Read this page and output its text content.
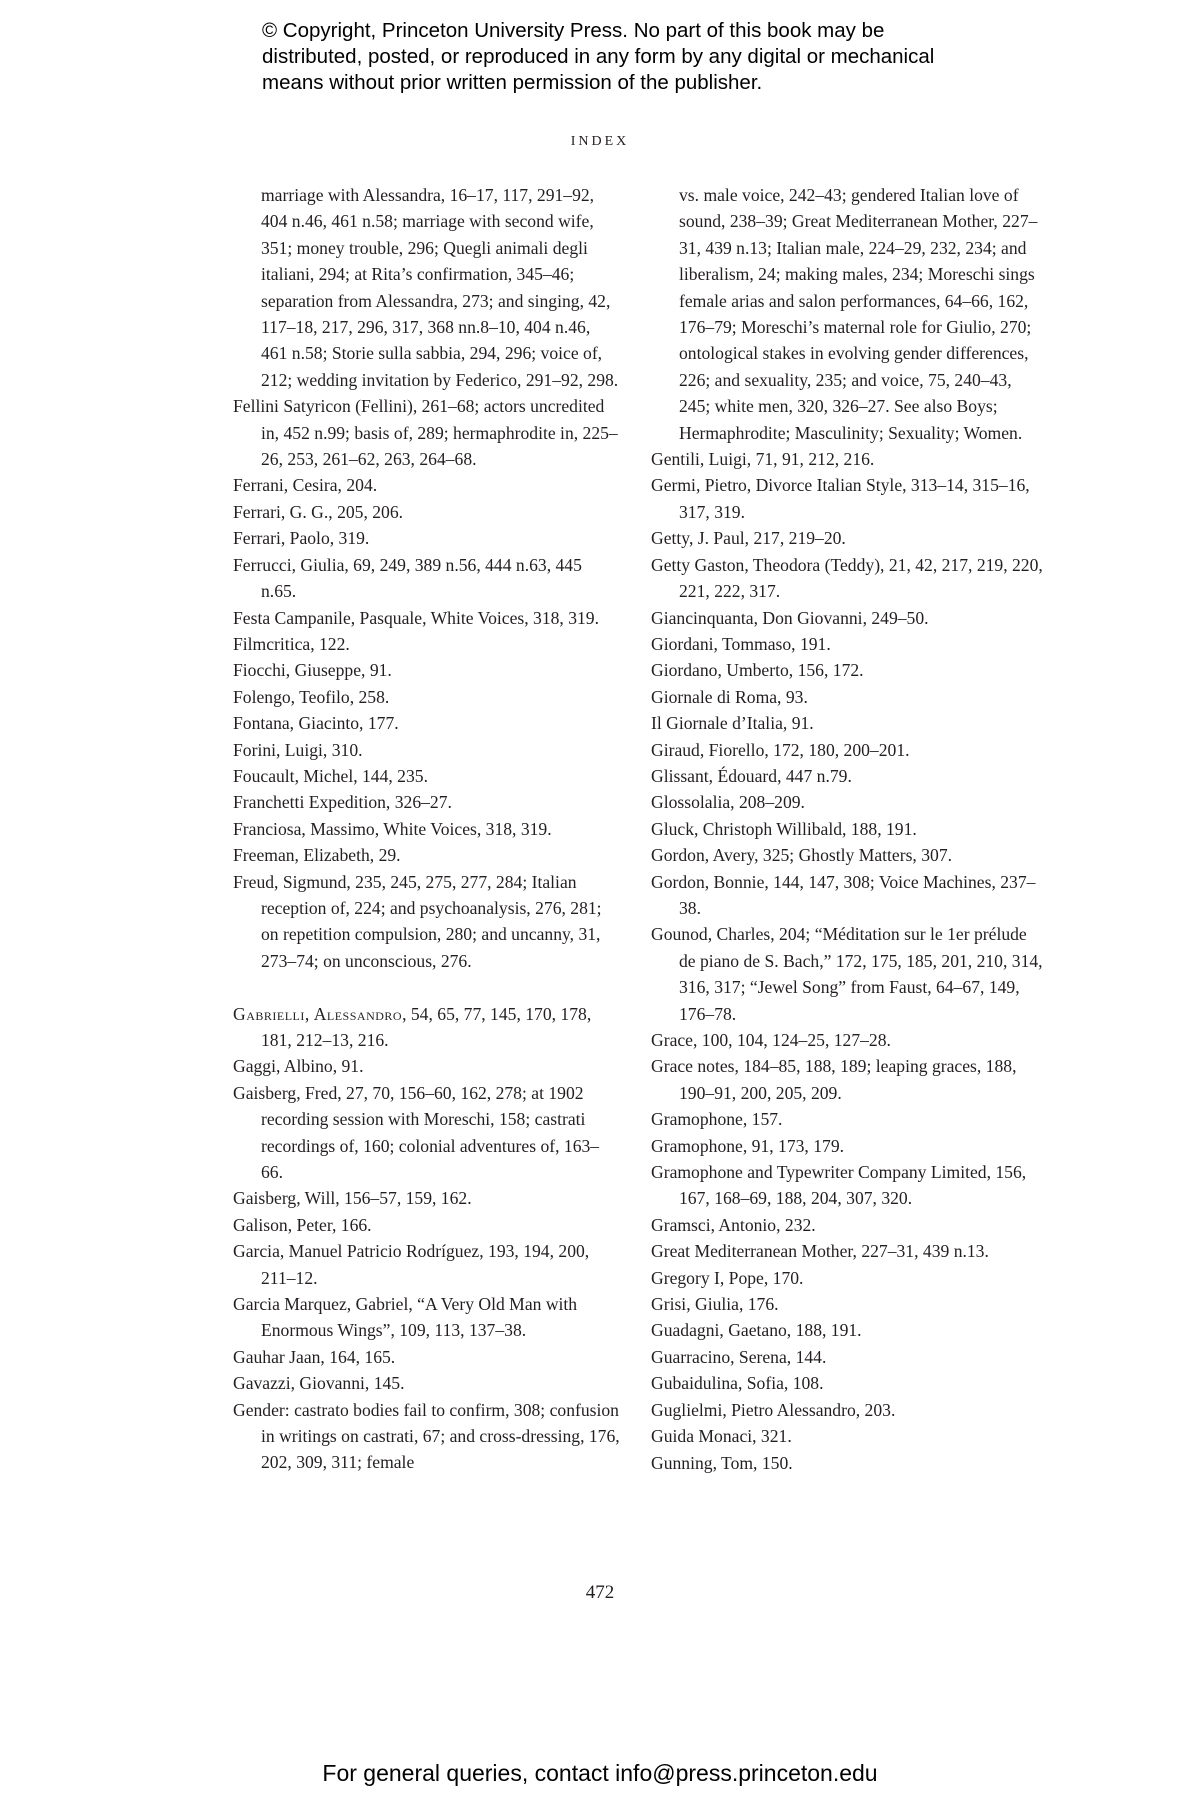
© Copyright, Princeton University Press. No part of this book may be
distributed, posted, or reproduced in any form by any digital or mechanical
means without prior written permission of the publisher.
INDEX
marriage with Alessandra, 16–17, 117, 291–92, 404 n.46, 461 n.58; marriage with second wife, 351; money trouble, 296; Quegli animali degli italiani, 294; at Rita’s confirmation, 345–46; separation from Alessandra, 273; and singing, 42, 117–18, 217, 296, 317, 368 nn.8–10, 404 n.46, 461 n.58; Storie sulla sabbia, 294, 296; voice of, 212; wedding invitation by Federico, 291–92, 298.
Fellini Satyricon (Fellini), 261–68; actors uncredited in, 452 n.99; basis of, 289; hermaphrodite in, 225–26, 253, 261–62, 263, 264–68.
Ferrani, Cesira, 204.
Ferrari, G. G., 205, 206.
Ferrari, Paolo, 319.
Ferrucci, Giulia, 69, 249, 389 n.56, 444 n.63, 445 n.65.
Festa Campanile, Pasquale, White Voices, 318, 319.
Filmcritica, 122.
Fiocchi, Giuseppe, 91.
Folengo, Teofilo, 258.
Fontana, Giacinto, 177.
Forini, Luigi, 310.
Foucault, Michel, 144, 235.
Franchetti Expedition, 326–27.
Franciosa, Massimo, White Voices, 318, 319.
Freeman, Elizabeth, 29.
Freud, Sigmund, 235, 245, 275, 277, 284; Italian reception of, 224; and psychoanalysis, 276, 281; on repetition compulsion, 280; and uncanny, 31, 273–74; on unconscious, 276.
Gabrielli, Alessandro, 54, 65, 77, 145, 170, 178, 181, 212–13, 216.
Gaggi, Albino, 91.
Gaisberg, Fred, 27, 70, 156–60, 162, 278; at 1902 recording session with Moreschi, 158; castrati recordings of, 160; colonial adventures of, 163–66.
Gaisberg, Will, 156–57, 159, 162.
Galison, Peter, 166.
Garcia, Manuel Patricio Rodríguez, 193, 194, 200, 211–12.
Garcia Marquez, Gabriel, “A Very Old Man with Enormous Wings”, 109, 113, 137–38.
Gauhar Jaan, 164, 165.
Gavazzi, Giovanni, 145.
Gender: castrato bodies fail to confirm, 308; confusion in writings on castrati, 67; and cross-dressing, 176, 202, 309, 311; female
vs. male voice, 242–43; gendered Italian love of sound, 238–39; Great Mediterranean Mother, 227–31, 439 n.13; Italian male, 224–29, 232, 234; and liberalism, 24; making males, 234; Moreschi sings female arias and salon performances, 64–66, 162, 176–79; Moreschi’s maternal role for Giulio, 270; ontological stakes in evolving gender differences, 226; and sexuality, 235; and voice, 75, 240–43, 245; white men, 320, 326–27. See also Boys; Hermaphrodite; Masculinity; Sexuality; Women.
Gentili, Luigi, 71, 91, 212, 216.
Germi, Pietro, Divorce Italian Style, 313–14, 315–16, 317, 319.
Getty, J. Paul, 217, 219–20.
Getty Gaston, Theodora (Teddy), 21, 42, 217, 219, 220, 221, 222, 317.
Giancinquanta, Don Giovanni, 249–50.
Giordani, Tommaso, 191.
Giordano, Umberto, 156, 172.
Giornale di Roma, 93.
Il Giornale d’Italia, 91.
Giraud, Fiorello, 172, 180, 200–201.
Glissant, Édouard, 447 n.79.
Glossolalia, 208–209.
Gluck, Christoph Willibald, 188, 191.
Gordon, Avery, 325; Ghostly Matters, 307.
Gordon, Bonnie, 144, 147, 308; Voice Machines, 237–38.
Gounod, Charles, 204; “Méditation sur le 1er prélude de piano de S. Bach,” 172, 175, 185, 201, 210, 314, 316, 317; “Jewel Song” from Faust, 64–67, 149, 176–78.
Grace, 100, 104, 124–25, 127–28.
Grace notes, 184–85, 188, 189; leaping graces, 188, 190–91, 200, 205, 209.
Gramophone, 157.
Gramophone, 91, 173, 179.
Gramophone and Typewriter Company Limited, 156, 167, 168–69, 188, 204, 307, 320.
Gramsci, Antonio, 232.
Great Mediterranean Mother, 227–31, 439 n.13.
Gregory I, Pope, 170.
Grisi, Giulia, 176.
Guadagni, Gaetano, 188, 191.
Guarracino, Serena, 144.
Gubaidulina, Sofia, 108.
Guglielmi, Pietro Alessandro, 203.
Guida Monaci, 321.
Gunning, Tom, 150.
472
For general queries, contact info@press.princeton.edu
